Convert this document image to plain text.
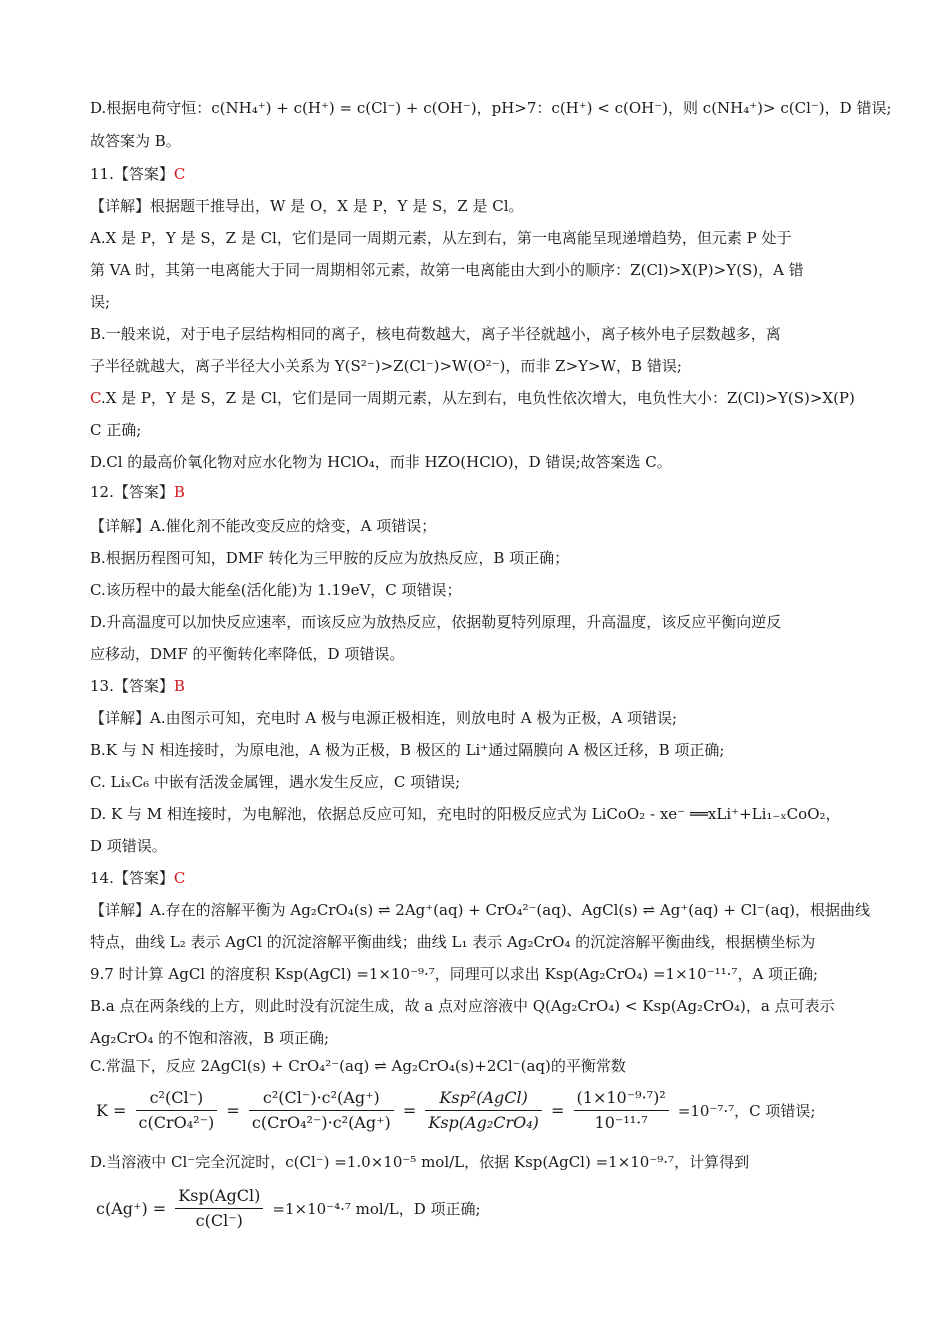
D.根据电荷守恒：c(NH₄⁺) + c(H⁺) = c(Cl⁻) + c(OH⁻)，pH>7：c(H⁺) < c(OH⁻)，则 c(NH₄⁺)> c(Cl⁻)，D 错误;
故答案为 B。
11.【答案】C
【详解】根据题干推导出，W 是 O，X 是 P，Y 是 S，Z 是 Cl。
A.X 是 P，Y 是 S，Z 是 Cl，它们是同一周期元素，从左到右，第一电离能呈现递增趋势，但元素 P 处于
第 VA 时，其第一电离能大于同一周期相邻元素，故第一电离能由大到小的顺序：Z(Cl)>X(P)>Y(S)，A 错
误;
B.一般来说，对于电子层结构相同的离子，核电荷数越大，离子半径就越小，离子核外电子层数越多，离
子半径就越大，离子半径大小关系为 Y(S²⁻)>Z(Cl⁻)>W(O²⁻)，而非 Z>Y>W，B 错误;
C.X 是 P，Y 是 S，Z 是 Cl，它们是同一周期元素，从左到右，电负性依次增大，电负性大小：Z(Cl)>Y(S)>X(P)
C 正确;
D.Cl 的最高价氧化物对应水化物为 HClO₄，而非 HZO(HClO)，D 错误;故答案选 C。
12.【答案】B
【详解】A.催化剂不能改变反应的焓变，A 项错误；
B.根据历程图可知，DMF 转化为三甲胺的反应为放热反应，B 项正确；
C.该历程中的最大能垒(活化能)为 1.19eV，C 项错误；
D.升高温度可以加快反应速率，而该反应为放热反应，依据勒夏特列原理，升高温度，该反应平衡向逆反
应移动，DMF 的平衡转化率降低，D 项错误。
13.【答案】B
【详解】A.由图示可知，充电时 A 极与电源正极相连，则放电时 A 极为正极，A 项错误;
B.K 与 N 相连接时，为原电池，A 极为正极，B 极区的 Li⁺通过隔膜向 A 极区迁移，B 项正确;
C. LiₓC₆ 中嵌有活泼金属锂，遇水发生反应，C 项错误;
D. K 与 M 相连接时，为电解池，依据总反应可知，充电时的阳极反应式为 LiCoO₂ - xe⁻ ══xLi⁺+Li₁₋ₓCoO₂，
D 项错误。
14.【答案】C
【详解】A.存在的溶解平衡为 Ag₂CrO₄(s) ⇌ 2Ag⁺(aq) + CrO₄²⁻(aq)、AgCl(s) ⇌ Ag⁺(aq) + Cl⁻(aq)，根据曲线
特点，曲线 L₂ 表示 AgCl 的沉淀溶解平衡曲线；曲线 L₁ 表示 Ag₂CrO₄ 的沉淀溶解平衡曲线，根据横坐标为
9.7 时计算 AgCl 的溶度积 Ksp(AgCl) =1×10⁻⁹·⁷，同理可以求出 Ksp(Ag₂CrO₄) =1×10⁻¹¹·⁷，A 项正确;
B.a 点在两条线的上方，则此时没有沉淀生成，故 a 点对应溶液中 Q(Ag₂CrO₄) < Ksp(Ag₂CrO₄)，a 点可表示
Ag₂CrO₄ 的不饱和溶液，B 项正确;
C.常温下，反应 2AgCl(s) + CrO₄²⁻(aq) ⇌ Ag₂CrO₄(s)+2Cl⁻(aq)的平衡常数
$K = \frac{\text{c²(Cl⁻)}}{\text{c(CrO₄²⁻)}} = \frac{\text{c²(Cl⁻)·c²(Ag⁺)}}{\text{c(CrO₄²⁻)·c²(Ag⁺)}} = \frac{\text{Ksp²(AgCl)}}{\text{Ksp(Ag₂CrO₄)}} = \frac{\text{(1×10⁻⁹·⁷)²}}{\text{10⁻¹¹·⁷}} =10^{-7}\cdot^7$，C 项错误;
D.当溶液中 Cl⁻完全沉淀时，c(Cl⁻) =1.0×10⁻⁵ mol/L，依据 Ksp(AgCl) =1×10⁻⁹·⁷，计算得到
$c(Ag^+) = \frac{\text{Ksp(AgCl)}}{c(Cl^-)} =1\times 10^{-4}\cdot^7$ mol/L，D 项正确;
